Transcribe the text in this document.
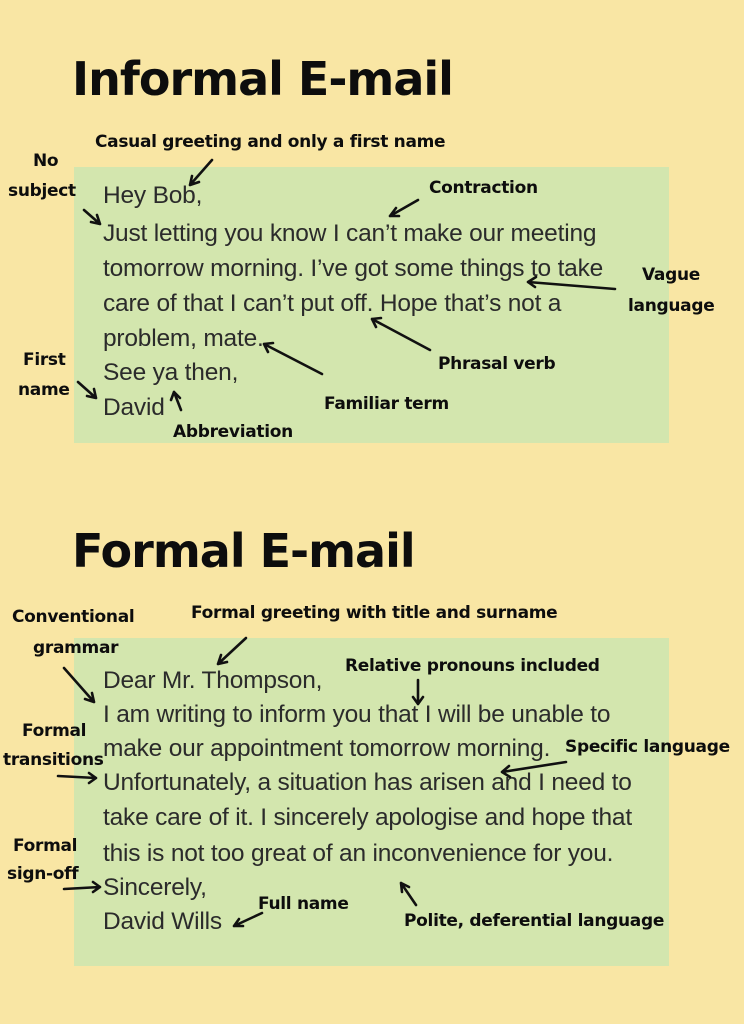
Informal E-mail
Hey Bob,
Just letting you know I can’t make our meeting
tomorrow morning. I’ve got some things to take
care of that I can’t put off. Hope that’s not a
problem, mate.
See ya then,
David
Casual greeting and only a first name
No
subject	Contraction
Vague
language
First
name
Phrasal verb
Familiar term
Abbreviation
Formal E-mail
Dear Mr. Thompson,
I am writing to inform you that I will be unable to
make our appointment tomorrow morning.
Unfortunately, a situation has arisen and I need to
take care of it. I sincerely apologise and hope that
this is not too great of an inconvenience for you.
Sincerely,
David Wills
Conventional
grammar
Formal greeting with title and surname
Relative pronouns included
Formal
transitions
Specific language
Formal
sign-off
Full name
Polite, deferential language
